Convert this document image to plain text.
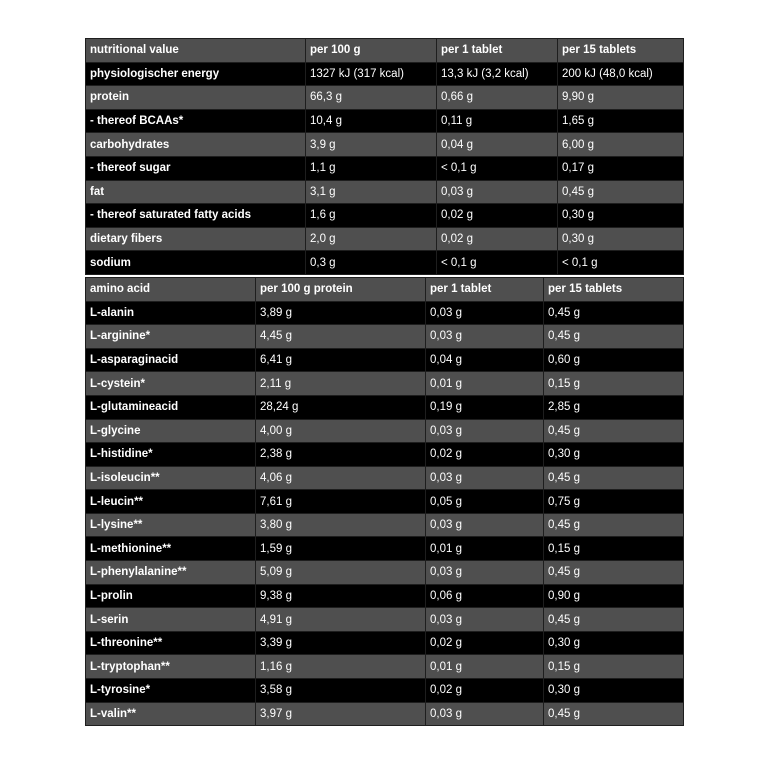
nutritional value	per 100 g	per 1 tablet	per 15 tablets
physiologischer energy	1327 kJ (317 kcal)	13,3 kJ (3,2 kcal)	200 kJ (48,0 kcal)
protein	66,3 g	0,66 g	9,90 g
- thereof BCAAs*	10,4 g	0,11 g	1,65 g
carbohydrates	3,9 g	0,04 g	6,00 g
- thereof sugar	1,1 g	< 0,1 g	0,17 g
fat	3,1 g	0,03 g	0,45 g
- thereof saturated fatty acids	1,6 g	0,02 g	0,30 g
dietary fibers	2,0 g	0,02 g	0,30 g
sodium	0,3 g	< 0,1 g	< 0,1 g
amino acid	per 100 g protein	per 1 tablet	per 15 tablets
L-alanin	3,89 g	0,03 g	0,45 g
L-arginine*	4,45 g	0,03 g	0,45 g
L-asparaginacid	6,41 g	0,04 g	0,60 g
L-cystein*	2,11 g	0,01 g	0,15 g
L-glutamineacid	28,24 g	0,19 g	2,85 g
L-glycine	4,00 g	0,03 g	0,45 g
L-histidine*	2,38 g	0,02 g	0,30 g
L-isoleucin**	4,06 g	0,03 g	0,45 g
L-leucin**	7,61 g	0,05 g	0,75 g
L-lysine**	3,80 g	0,03 g	0,45 g
L-methionine**	1,59 g	0,01 g	0,15 g
L-phenylalanine**	5,09 g	0,03 g	0,45 g
L-prolin	9,38 g	0,06 g	0,90 g
L-serin	4,91 g	0,03 g	0,45 g
L-threonine**	3,39 g	0,02 g	0,30 g
L-tryptophan**	1,16 g	0,01 g	0,15 g
L-tyrosine*	3,58 g	0,02 g	0,30 g
L-valin**	3,97 g	0,03 g	0,45 g
